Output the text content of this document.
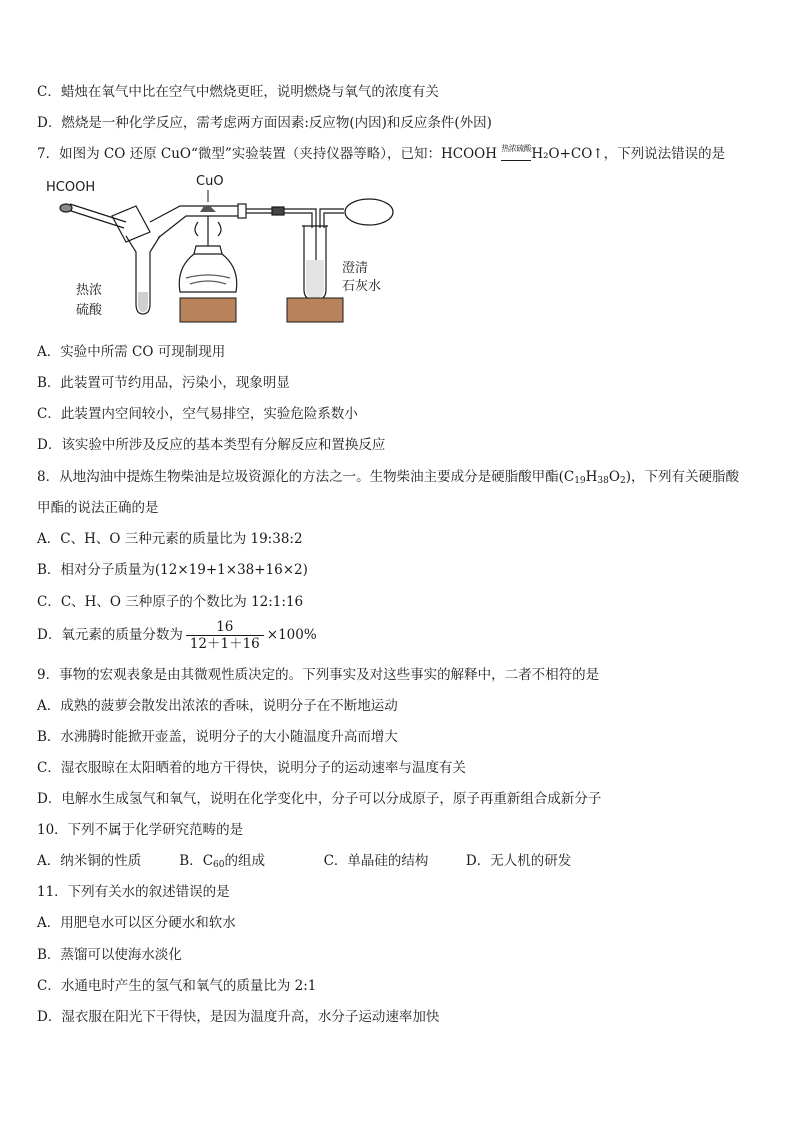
C．蜡烛在氧气中比在空气中燃烧更旺，说明燃烧与氧气的浓度有关
D．燃烧是一种化学反应，需考虑两方面因素:反应物(内因)和反应条件(外因)
7．如图为 CO 还原 CuO“微型”实验装置（夹持仪器等略），已知：HCOOH 热浓硫酸H₂O+CO↑，下列说法错误的是
HCOOH	CuO
热浓
硫酸
澄清
石灰水
A．实验中所需 CO 可现制现用
B．此装置可节约用品，污染小，现象明显
C．此装置内空间较小，空气易排空，实验危险系数小
D．该实验中所涉及反应的基本类型有分解反应和置换反应
8．从地沟油中提炼生物柴油是垃圾资源化的方法之一。生物柴油主要成分是硬脂酸甲酯$(C_{19}H_{38}O_2)$，下列有关硬脂酸
甲酯的说法正确的是
A．C、H、O 三种元素的质量比为 19:38:2
B．相对分子质量为(12×19+1×38+16×2)
C．C、H、O 三种原子的个数比为 12:1:16
D．氧元素的质量分数为 $\frac{16}{12+1+16} \times 100\%$
9．事物的宏观表象是由其微观性质决定的。下列事实及对这些事实的解释中，二者不相符的是
A．成熟的菠萝会散发出浓浓的香味，说明分子在不断地运动
B．水沸腾时能掀开壶盖，说明分子的大小随温度升高而增大
C．湿衣服晾在太阳晒着的地方干得快，说明分子的运动速率与温度有关
D．电解水生成氢气和氧气，说明在化学变化中，分子可以分成原子，原子再重新组合成新分子
10．下列不属于化学研究范畴的是
A．纳米铜的性质	B．$C_{60}$的组成	C．单晶硅的结构	D．无人机的研发
11．下列有关水的叙述错误的是
A．用肥皂水可以区分硬水和软水
B．蒸馏可以使海水淡化
C．水通电时产生的氢气和氧气的质量比为 2:1
D．湿衣服在阳光下干得快，是因为温度升高，水分子运动速率加快
